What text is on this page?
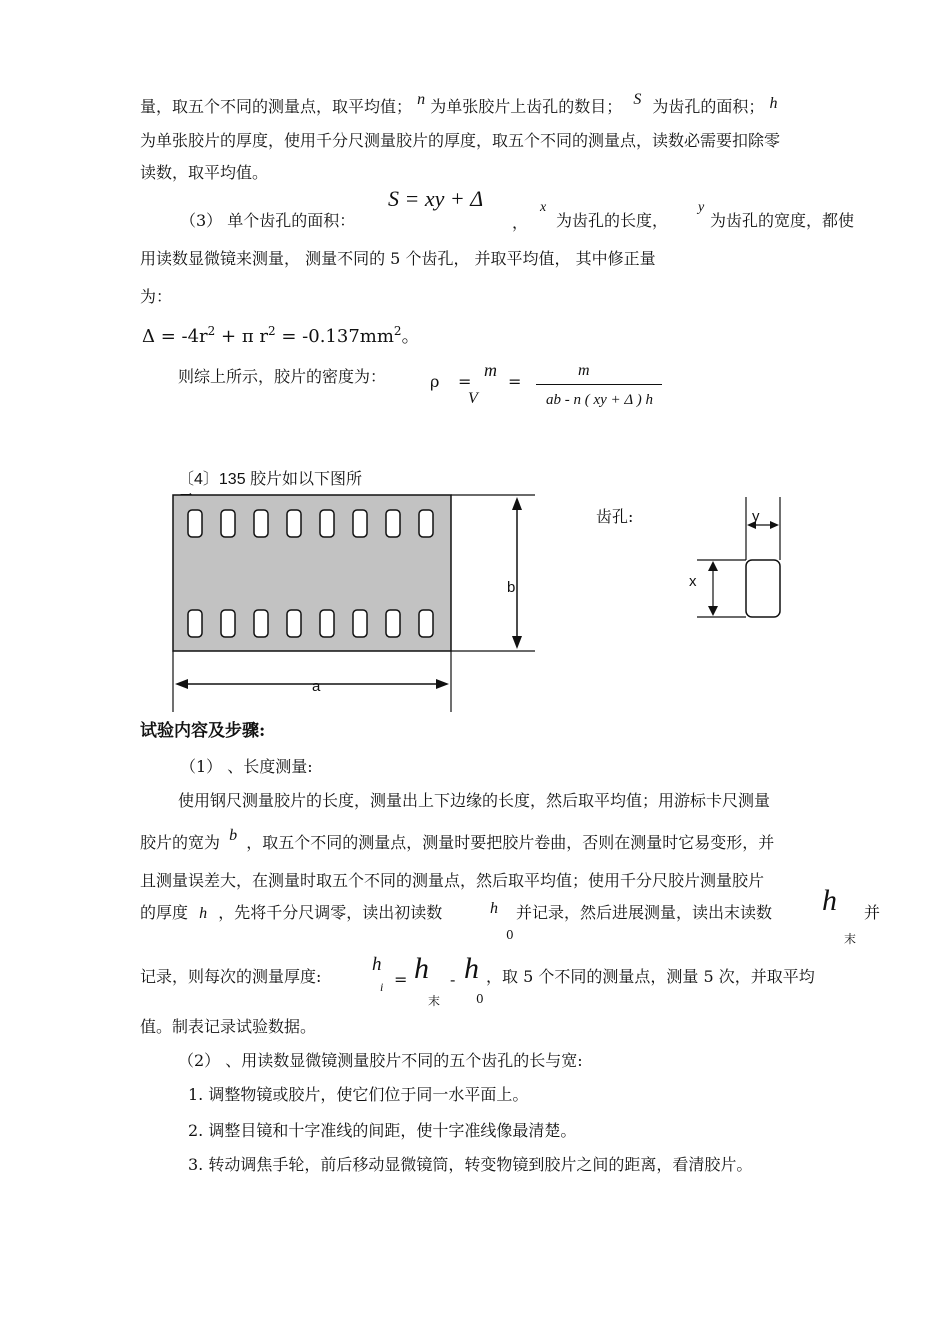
量，取五个不同的测量点，取平均值； n 为单张胶片上齿孔的数目； S 为齿孔的面积； h
为单张胶片的厚度，使用千分尺测量胶片的厚度，取五个不同的测量点，读数必需要扣除零
读数，取平均值。
（3） 单个齿孔的面积：
S = xy + Δ
，
x
为齿孔的长度，
y
为齿孔的宽度，都使
用读数显微镜来测量， 测量不同的 5 个齿孔， 并取平均值， 其中修正量
为：
$\Delta = -4r^2 + \pi$ $r^2 = -0.137mm^2$。
则综上所示，胶片的密度为：	ρ =
m
V
=
m
ab - n ( xy + Δ ) h
〔4〕135 胶片如以下图所
齿孔:
b
a
y
x
试验内容及步骤:
（1） 、长度测量:
使用钢尺测量胶片的长度，测量出上下边缘的长度，然后取平均值；用游标卡尺测量
胶片的宽为 b ，取五个不同的测量点，测量时要把胶片卷曲，否则在测量时它易变形，并
且测量误差大，在测量时取五个不同的测量点，然后取平均值；使用千分尺胶片测量胶片
的厚度 h ，先将千分尺调零，读出初读数	h
0
并记录，然后进展测量，读出末读数 h
末
并
记录，则每次的测量厚度:
h
i = h
末
- h
0
，取 5 个不同的测量点，测量 5 次，并取平均
值。制表记录试验数据。
（2） 、用读数显微镜测量胶片不同的五个齿孔的长与宽:
1. 调整物镜或胶片，使它们位于同一水平面上。
2. 调整目镜和十字准线的间距，使十字准线像最清楚。
3. 转动调焦手轮，前后移动显微镜筒，转变物镜到胶片之间的距离，看清胶片。
